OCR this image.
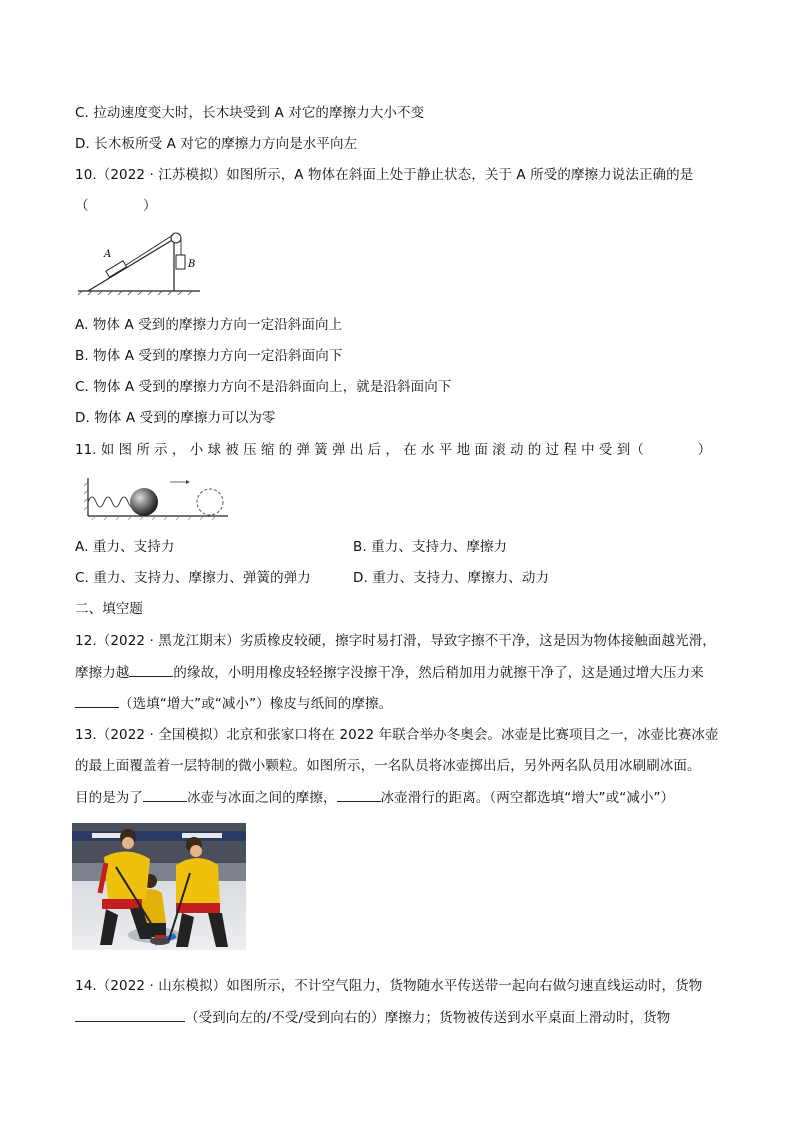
C. 拉动速度变大时，长木块受到 A 对它的摩擦力大小不变
D. 长木板所受 A 对它的摩擦力方向是水平向左
10.（2022 · 江苏模拟）如图所示，A 物体在斜面上处于静止状态，关于 A 所受的摩擦力说法正确的是
（　　　　）
A
B
A. 物体 A 受到的摩擦力方向一定沿斜面向上
B. 物体 A 受到的摩擦力方向一定沿斜面向下
C. 物体 A 受到的摩擦力方向不是沿斜面向上，就是沿斜面向下
D. 物体 A 受到的摩擦力可以为零
11. 如 图 所 示 ， 小 球 被 压 缩 的 弹 簧 弹 出 后 ， 在 水 平 地 面 滚 动 的 过 程 中 受 到（　　　　）
A. 重力、支持力	B. 重力、支持力、摩擦力
C. 重力、支持力、摩擦力、弹簧的弹力	D. 重力、支持力、摩擦力、动力
二、填空题
12.（2022 · 黑龙江期末）劣质橡皮较硬，擦字时易打滑，导致字擦不干净，这是因为物体接触面越光滑，
摩擦力越	的缘故，小明用橡皮轻轻擦字没擦干净，然后稍加用力就擦干净了，这是通过增大压力来
（选填“增大”或“减小”）橡皮与纸间的摩擦。
13.（2022 · 全国模拟）北京和张家口将在 2022 年联合举办冬奥会。冰壶是比赛项目之一，冰壶比赛冰壶
的最上面覆盖着一层特制的微小颗粒。如图所示，一名队员将冰壶掷出后，另外两名队员用冰刷刷冰面。
目的是为了	冰壶与冰面之间的摩擦，	冰壶滑行的距离。（两空都选填“增大”或“减小”）
14.（2022 · 山东模拟）如图所示，不计空气阻力，货物随水平传送带一起向右做匀速直线运动时，货物
（受到向左的/不受/受到向右的）摩擦力；货物被传送到水平桌面上滑动时，货物
